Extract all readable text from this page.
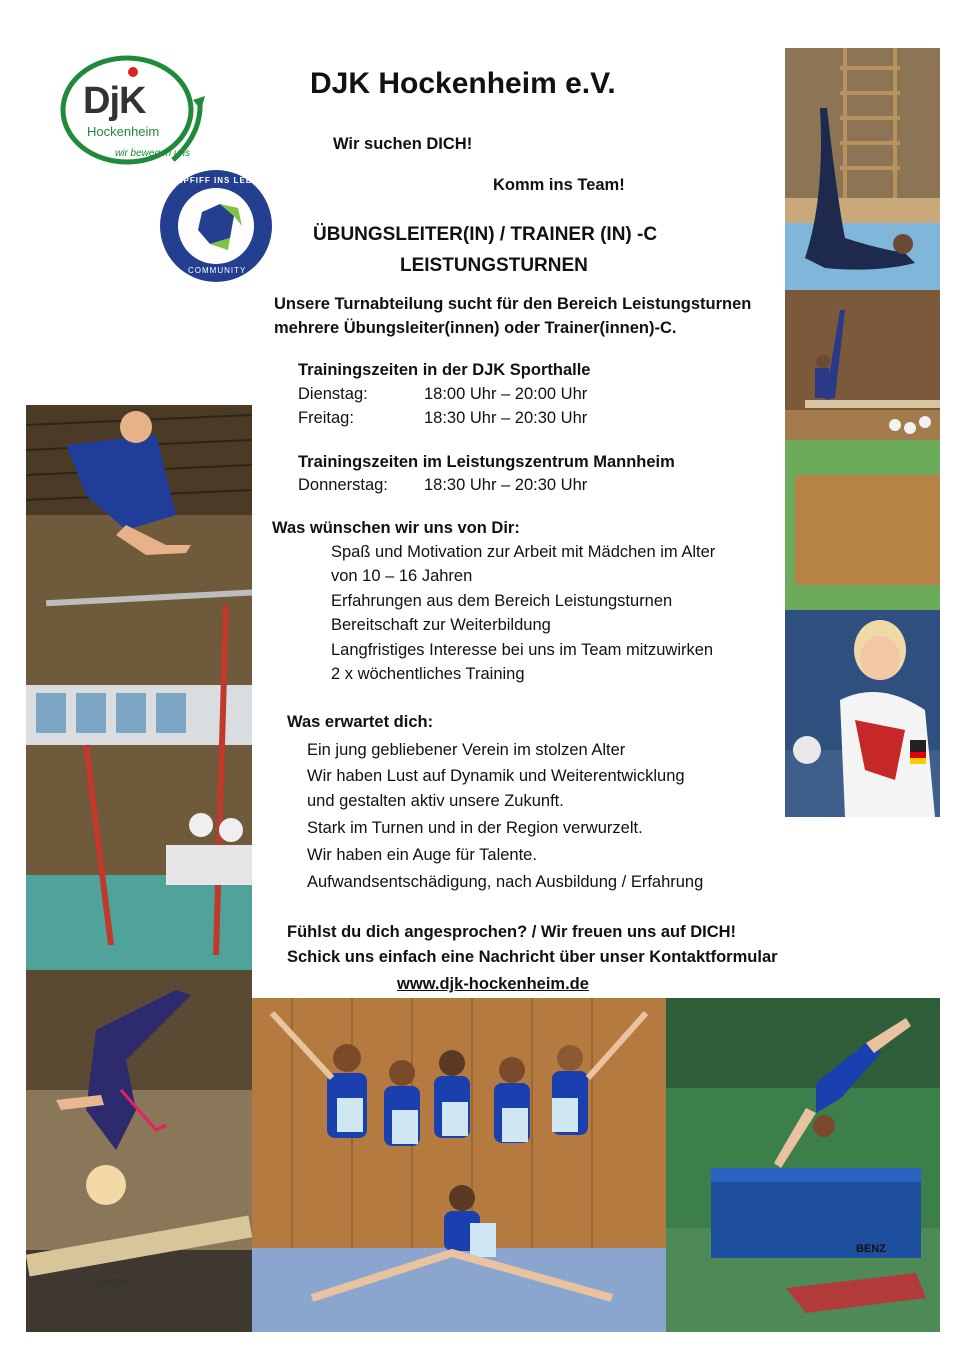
DjK
Hockenheim
wir bewegen uns
ANPFIFF INS LEBEN
COMMUNITY
DJK Hockenheim e.V.
Wir suchen DICH!
Komm ins Team!
ÜBUNGSLEITER(IN) / TRAINER (IN) -C
LEISTUNGSTURNEN
Unsere Turnabteilung sucht für den Bereich Leistungsturnen
mehrere Übungsleiter(innen) oder Trainer(innen)-C.
Trainingszeiten in der DJK Sporthalle
Dienstag:	18:00 Uhr – 20:00 Uhr
Freitag:	18:30 Uhr – 20:30 Uhr
Trainingszeiten im Leistungszentrum Mannheim
Donnerstag: 18:30 Uhr – 20:30 Uhr
Was wünschen wir uns von Dir:
Spaß und Motivation zur Arbeit mit Mädchen im Alter
von 10 – 16 Jahren
Erfahrungen aus dem Bereich Leistungsturnen
Bereitschaft zur Weiterbildung
Langfristiges Interesse bei uns im Team mitzuwirken
2 x wöchentliches Training
Was erwartet dich:
Ein jung gebliebener Verein im stolzen Alter
Wir haben Lust auf Dynamik und Weiterentwicklung
und gestalten aktiv unsere Zukunft.
Stark im Turnen und in der Region verwurzelt.
Wir haben ein Auge für Talente.
Aufwandsentschädigung, nach Ausbildung / Erfahrung
Fühlst du dich angesprochen? / Wir freuen uns auf DICH!
Schick uns einfach eine Nachricht über unser Kontaktformular
www.djk-hockenheim.de
SPIETH
BENZ
